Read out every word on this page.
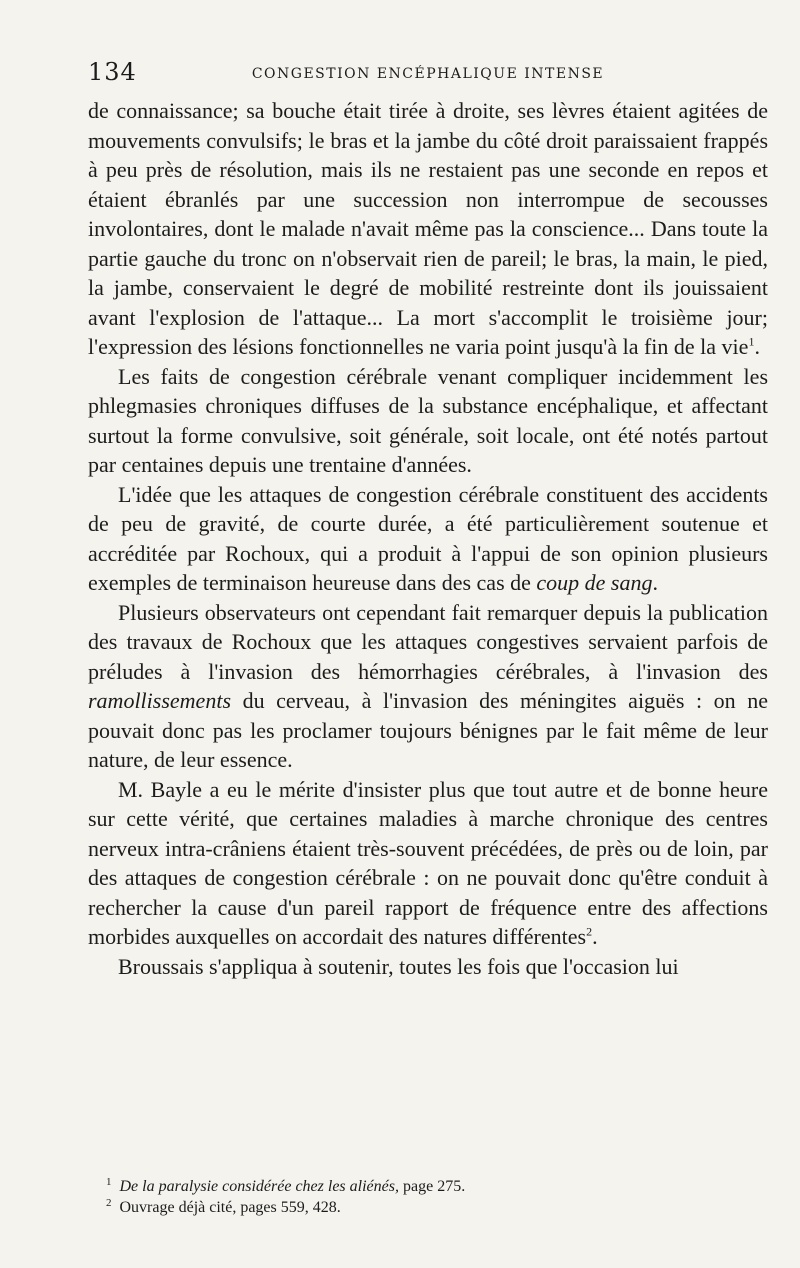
134	CONGESTION ENCÉPHALIQUE INTENSE

de connaissance; sa bouche était tirée à droite, ses lèvres étaient agitées de mouvements convulsifs; le bras et la jambe du côté droit paraissaient frappés à peu près de résolution, mais ils ne restaient pas une seconde en repos et étaient ébranlés par une succession non interrompue de secousses involontaires, dont le malade n'avait même pas la conscience... Dans toute la partie gauche du tronc on n'observait rien de pareil; le bras, la main, le pied, la jambe, conservaient le degré de mobilité restreinte dont ils jouissaient avant l'explosion de l'attaque... La mort s'accomplit le troisième jour; l'expression des lésions fonctionnelles ne varia point jusqu'à la fin de la vie$^1$.

Les faits de congestion cérébrale venant compliquer incidemment les phlegmasies chroniques diffuses de la substance encéphalique, et affectant surtout la forme convulsive, soit générale, soit locale, ont été notés partout par centaines depuis une trentaine d'années.

L'idée que les attaques de congestion cérébrale constituent des accidents de peu de gravité, de courte durée, a été particulièrement soutenue et accréditée par Rochoux, qui a produit à l'appui de son opinion plusieurs exemples de terminaison heureuse dans des cas de coup de sang.

Plusieurs observateurs ont cependant fait remarquer depuis la publication des travaux de Rochoux que les attaques congestives servaient parfois de préludes à l'invasion des hémorrhagies cérébrales, à l'invasion des ramollissements du cerveau, à l'invasion des méningites aiguës : on ne pouvait donc pas les proclamer toujours bénignes par le fait même de leur nature, de leur essence.

M. Bayle a eu le mérite d'insister plus que tout autre et de bonne heure sur cette vérité, que certaines maladies à marche chronique des centres nerveux intra-crâniens étaient très-souvent précédées, de près ou de loin, par des attaques de congestion cérébrale : on ne pouvait donc qu'être conduit à rechercher la cause d'un pareil rapport de fréquence entre des affections morbides auxquelles on accordait des natures différentes$^2$.

Broussais s'appliqua à soutenir, toutes les fois que l'occasion lui

$^1$ De la paralysie considérée chez les aliénés, page 275.

$^2$ Ouvrage déjà cité, pages 559, 428.
